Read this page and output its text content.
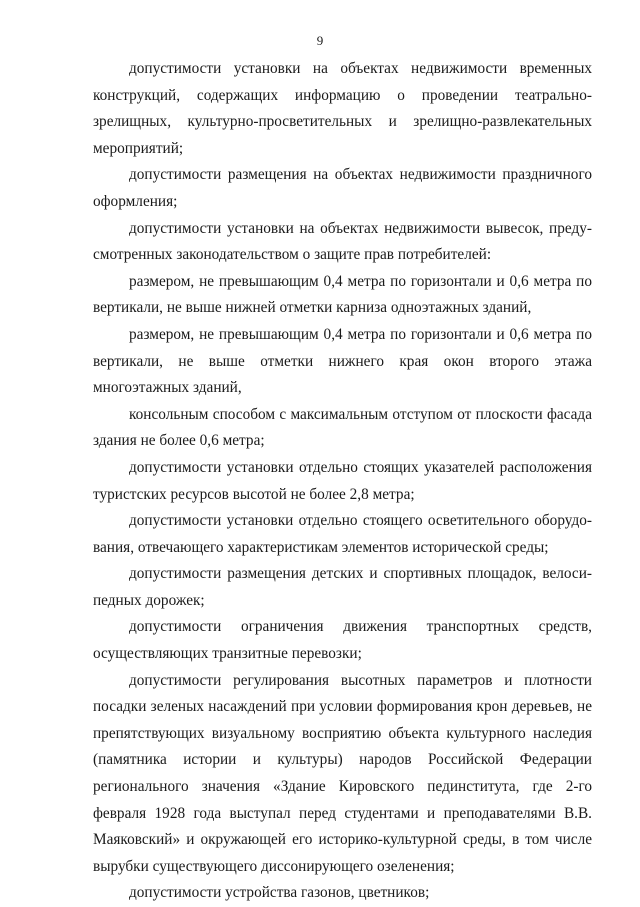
9

допустимости установки на объектах недвижимости временных конструкций, содержащих информацию о проведении театрально-зрелищных, культурно-просветительных и зрелищно-развлекательных мероприятий;

допустимости размещения на объектах недвижимости праздничного оформления;

допустимости установки на объектах недвижимости вывесок, предусмотренных законодательством о защите прав потребителей:

размером, не превышающим 0,4 метра по горизонтали и 0,6 метра по вертикали, не выше нижней отметки карниза одноэтажных зданий,

размером, не превышающим 0,4 метра по горизонтали и 0,6 метра по вертикали, не выше отметки нижнего края окон второго этажа многоэтажных зданий,

консольным способом с максимальным отступом от плоскости фасада здания не более 0,6 метра;

допустимости установки отдельно стоящих указателей расположения туристских ресурсов высотой не более 2,8 метра;

допустимости установки отдельно стоящего осветительного оборудования, отвечающего характеристикам элементов исторической среды;

допустимости размещения детских и спортивных площадок, велосипедных дорожек;

допустимости ограничения движения транспортных средств, осуществляющих транзитные перевозки;

допустимости регулирования высотных параметров и плотности посадки зеленых насаждений при условии формирования крон деревьев, не препятствующих визуальному восприятию объекта культурного наследия (памятника истории и культуры) народов Российской Федерации регионального значения «Здание Кировского пединститута, где 2-го февраля 1928 года выступал перед студентами и преподавателями В.В. Маяковский» и окружающей его историко-культурной среды, в том числе вырубки существующего диссонирующего озеленения;

допустимости устройства газонов, цветников;
